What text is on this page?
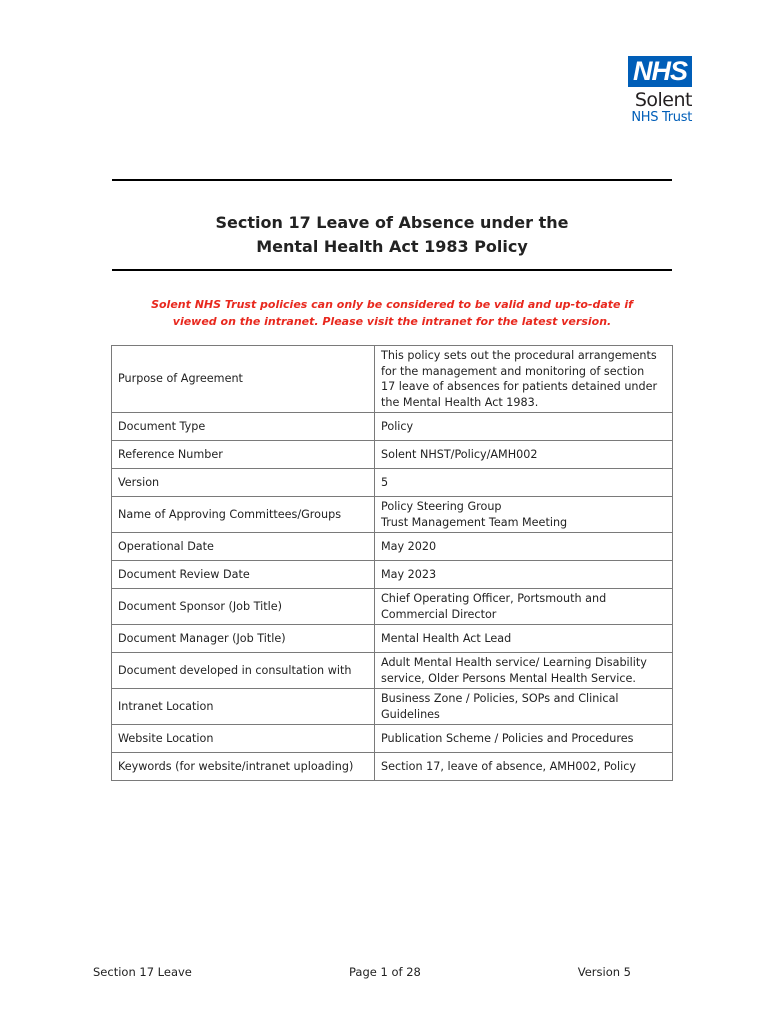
NHS
Solent
NHS Trust
Section 17 Leave of Absence under the
Mental Health Act 1983 Policy
Solent NHS Trust policies can only be considered to be valid and up-to-date if
viewed on the intranet. Please visit the intranet for the latest version.
Purpose of Agreement	This policy sets out the procedural arrangements
for the management and monitoring of section
17 leave of absences for patients detained under
the Mental Health Act 1983.

Document Type	Policy
Reference Number	Solent NHST/Policy/AMH002
Version	5
Name of Approving Committees/Groups	Policy Steering Group
Trust Management Team Meeting

Operational Date	May 2020
Document Review Date	May 2023
Document Sponsor (Job Title)	Chief Operating Officer, Portsmouth and
Commercial Director

Document Manager (Job Title)	Mental Health Act Lead
Document developed in consultation with	Adult Mental Health service/ Learning Disability
service, Older Persons Mental Health Service.

Intranet Location	Business Zone / Policies, SOPs and Clinical
Guidelines

Website Location	Publication Scheme / Policies and Procedures
Keywords (for website/intranet uploading)	Section 17, leave of absence, AMH002, Policy
Section 17 Leave	Page 1 of 28	Version 5
